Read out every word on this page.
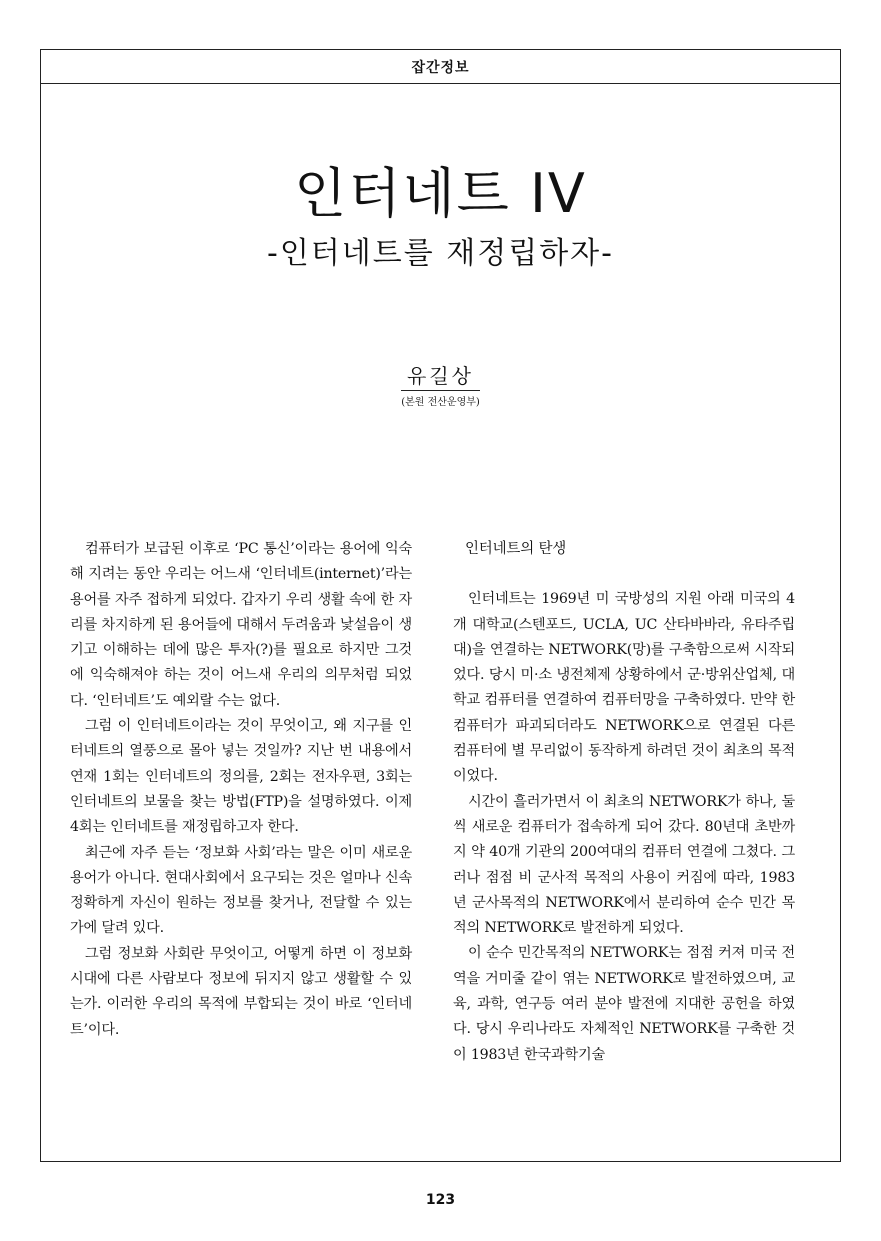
잡간정보
인터네트 IV
-인터네트를 재정립하자-
유길상
(본원 전산운영부)

컴퓨터가 보급된 이후로 ‘PC 통신’이라는 용어에 익숙해 지려는 동안 우리는 어느새 ‘인터네트(internet)’라는 용어를 자주 접하게 되었다. 갑자기 우리 생활 속에 한 자리를 차지하게 된 용어들에 대해서 두려움과 낯설음이 생기고 이해하는 데에 많은 투자(?)를 필요로 하지만 그것에 익숙해져야 하는 것이 어느새 우리의 의무처럼 되었다. ‘인터네트’도 예외랄 수는 없다.

그럼 이 인터네트이라는 것이 무엇이고, 왜 지구를 인터네트의 열풍으로 몰아 넣는 것일까? 지난 번 내용에서 연재 1회는 인터네트의 정의를, 2회는 전자우편, 3회는 인터네트의 보물을 찾는 방법(FTP)을 설명하였다. 이제 4회는 인터네트를 재정립하고자 한다.

최근에 자주 듣는 ‘정보화 사회’라는 말은 이미 새로운 용어가 아니다. 현대사회에서 요구되는 것은 얼마나 신속 정확하게 자신이 원하는 정보를 찾거나, 전달할 수 있는가에 달려 있다.

그럼 정보화 사회란 무엇이고, 어떻게 하면 이 정보화 시대에 다른 사람보다 정보에 뒤지지 않고 생활할 수 있는가. 이러한 우리의 목적에 부합되는 것이 바로 ‘인터네트’이다.

인터네트의 탄생

인터네트는 1969년 미 국방성의 지원 아래 미국의 4개 대학교(스텐포드, UCLA, UC 산타바바라, 유타주립대)을 연결하는 NETWORK(망)를 구축함으로써 시작되었다. 당시 미·소 냉전체제 상황하에서 군·방위산업체, 대학교 컴퓨터를 연결하여 컴퓨터망을 구축하였다. 만약 한 컴퓨터가 파괴되더라도 NETWORK으로 연결된 다른 컴퓨터에 별 무리없이 동작하게 하려던 것이 최초의 목적이었다.

시간이 흘러가면서 이 최초의 NETWORK가 하나, 둘씩 새로운 컴퓨터가 접속하게 되어 갔다. 80년대 초반까지 약 40개 기관의 200여대의 컴퓨터 연결에 그쳤다. 그러나 점점 비 군사적 목적의 사용이 커짐에 따라, 1983년 군사목적의 NETWORK에서 분리하여 순수 민간 목적의 NETWORK로 발전하게 되었다.

이 순수 민간목적의 NETWORK는 점점 커져 미국 전역을 거미줄 같이 엮는 NETWORK로 발전하였으며, 교육, 과학, 연구등 여러 분야 발전에 지대한 공헌을 하였다. 당시 우리나라도 자체적인 NETWORK를 구축한 것이 1983년 한국과학기술

123
